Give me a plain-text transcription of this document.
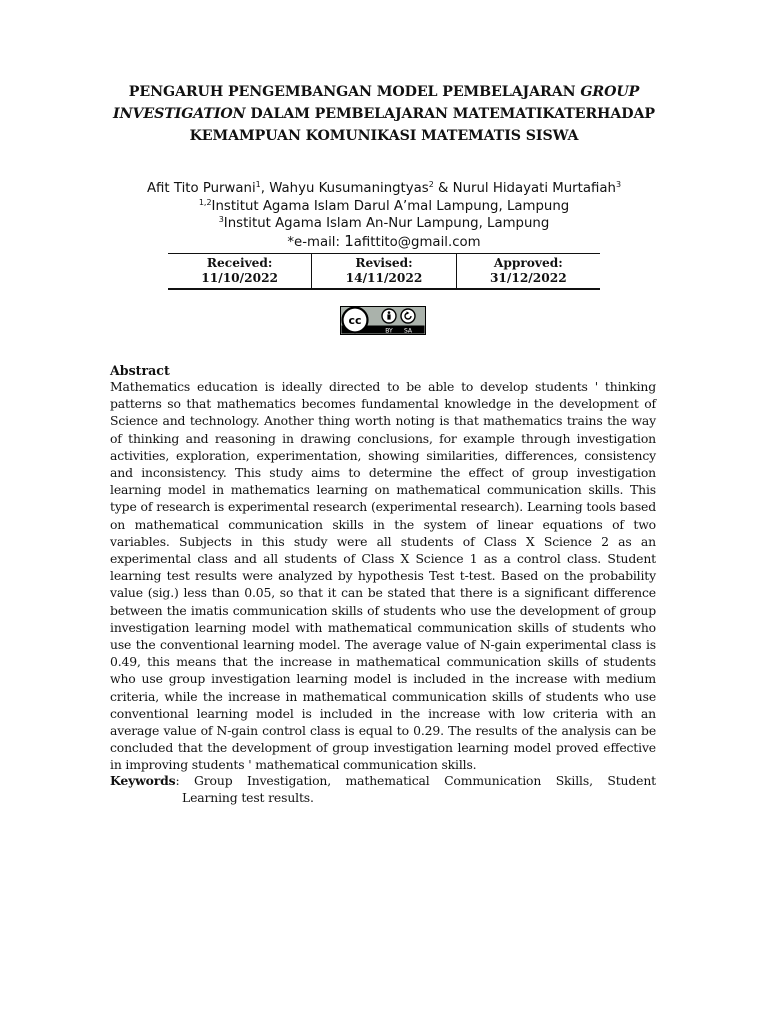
PENGARUH PENGEMBANGAN MODEL PEMBELAJARAN GROUP INVESTIGATION DALAM PEMBELAJARAN MATEMATIKATERHADAP KEMAMPUAN KOMUNIKASI MATEMATIS SISWA
Afit Tito Purwani$^1$, Wahyu Kusumaningtyas$^2$ & Nurul Hidayati Murtafiah$^3$
$^{1,2}$Institut Agama Islam Darul A’mal Lampung, Lampung
$^3$Institut Agama Islam An-Nur Lampung, Lampung
*e-mail: 1afittito@gmail.com
Received:
11/10/2022
Revised:
14/11/2022
Approved:
31/12/2022
cc
BY SA
Abstract

Mathematics education is ideally directed to be able to develop students ' thinking patterns so that mathematics becomes fundamental knowledge in the development of Science and technology. Another thing worth noting is that mathematics trains the way of thinking and reasoning in drawing conclusions, for example through investigation activities, exploration, experimentation, showing similarities, differences, consistency and inconsistency. This study aims to determine the effect of group investigation learning model in mathematics learning on mathematical communication skills. This type of research is experimental research (experimental research). Learning tools based on mathematical communication skills in the system of linear equations of two variables. Subjects in this study were all students of Class X Science 2 as an experimental class and all students of Class X Science 1 as a control class. Student learning test results were analyzed by hypothesis Test t-test. Based on the probability value (sig.) less than 0.05, so that it can be stated that there is a significant difference between the imatis communication skills of students who use the development of group investigation learning model with mathematical communication skills of students who use the conventional learning model. The average value of N-gain experimental class is 0.49, this means that the increase in mathematical communication skills of students who use group investigation learning model is included in the increase with medium criteria, while the increase in mathematical communication skills of students who use conventional learning model is included in the increase with low criteria with an average value of N-gain control class is equal to 0.29. The results of the analysis can be concluded that the development of group investigation learning model proved effective in improving students ' mathematical communication skills.

Keywords: Group Investigation, mathematical Communication Skills, Student

Learning test results.
